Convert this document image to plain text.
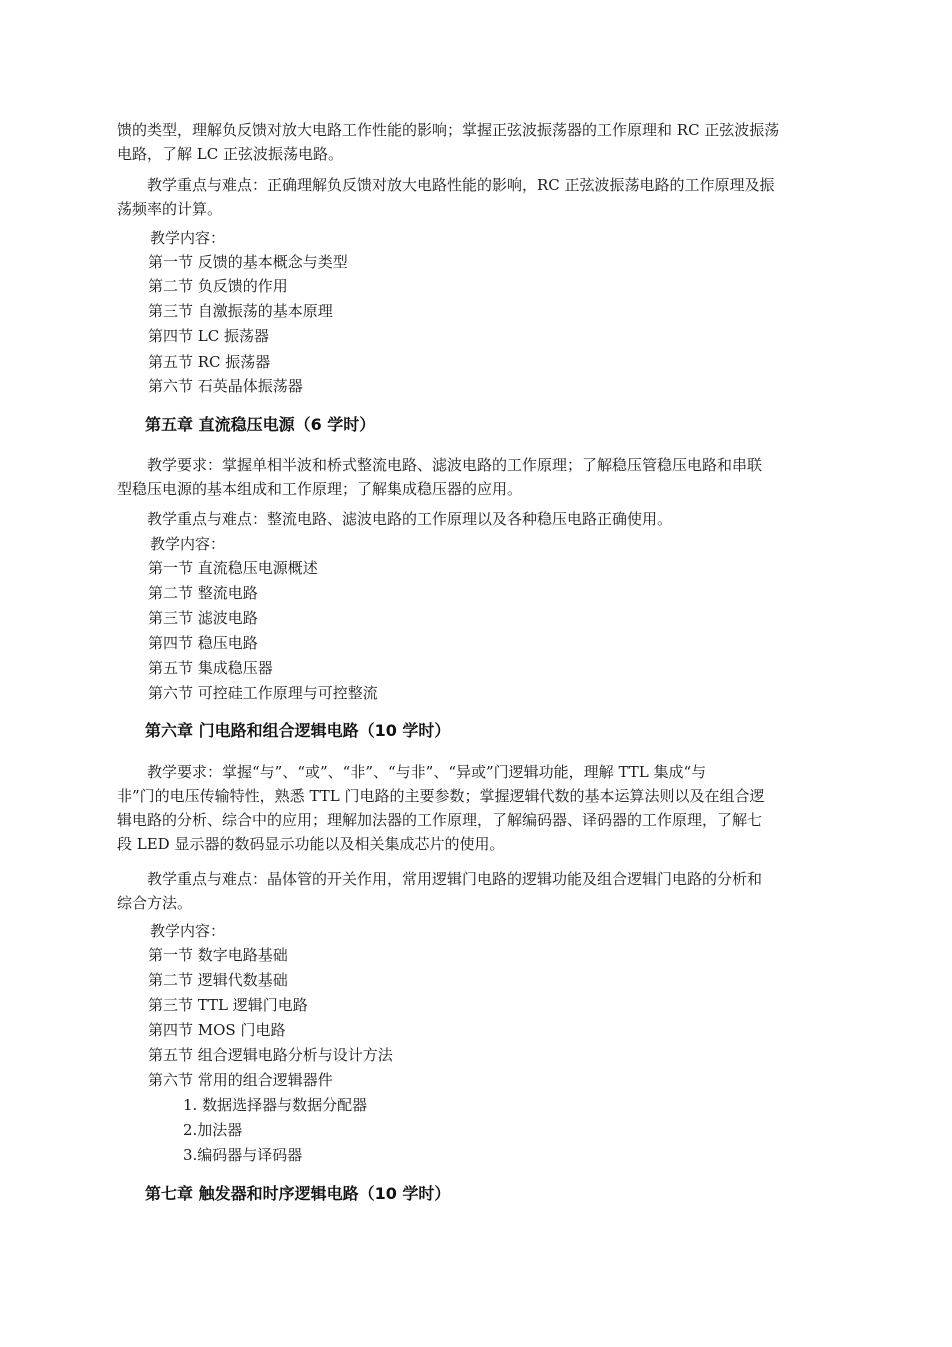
馈的类型，理解负反馈对放大电路工作性能的影响；掌握正弦波振荡器的工作原理和 RC 正弦波振荡
电路，了解 LC 正弦波振荡电路。
教学重点与难点：正确理解负反馈对放大电路性能的影响，RC 正弦波振荡电路的工作原理及振
荡频率的计算。
教学内容：
第一节 反馈的基本概念与类型
第二节 负反馈的作用
第三节 自激振荡的基本原理
第四节 LC 振荡器
第五节 RC 振荡器
第六节 石英晶体振荡器
第五章 直流稳压电源（6 学时）
教学要求：掌握单相半波和桥式整流电路、滤波电路的工作原理；了解稳压管稳压电路和串联
型稳压电源的基本组成和工作原理；了解集成稳压器的应用。
教学重点与难点：整流电路、滤波电路的工作原理以及各种稳压电路正确使用。
教学内容：
第一节 直流稳压电源概述
第二节 整流电路
第三节 滤波电路
第四节 稳压电路
第五节 集成稳压器
第六节 可控硅工作原理与可控整流
第六章 门电路和组合逻辑电路（10 学时）
教学要求：掌握“与”、“或”、“非”、“与非”、“异或”门逻辑功能，理解 TTL 集成“与
非”门的电压传输特性，熟悉 TTL 门电路的主要参数；掌握逻辑代数的基本运算法则以及在组合逻
辑电路的分析、综合中的应用；理解加法器的工作原理，了解编码器、译码器的工作原理，了解七
段 LED 显示器的数码显示功能以及相关集成芯片的使用。
教学重点与难点：晶体管的开关作用，常用逻辑门电路的逻辑功能及组合逻辑门电路的分析和
综合方法。
教学内容：
第一节 数字电路基础
第二节 逻辑代数基础
第三节 TTL 逻辑门电路
第四节 MOS 门电路
第五节 组合逻辑电路分析与设计方法
第六节 常用的组合逻辑器件
1. 数据选择器与数据分配器
2.加法器
3.编码器与译码器
第七章 触发器和时序逻辑电路（10 学时）
